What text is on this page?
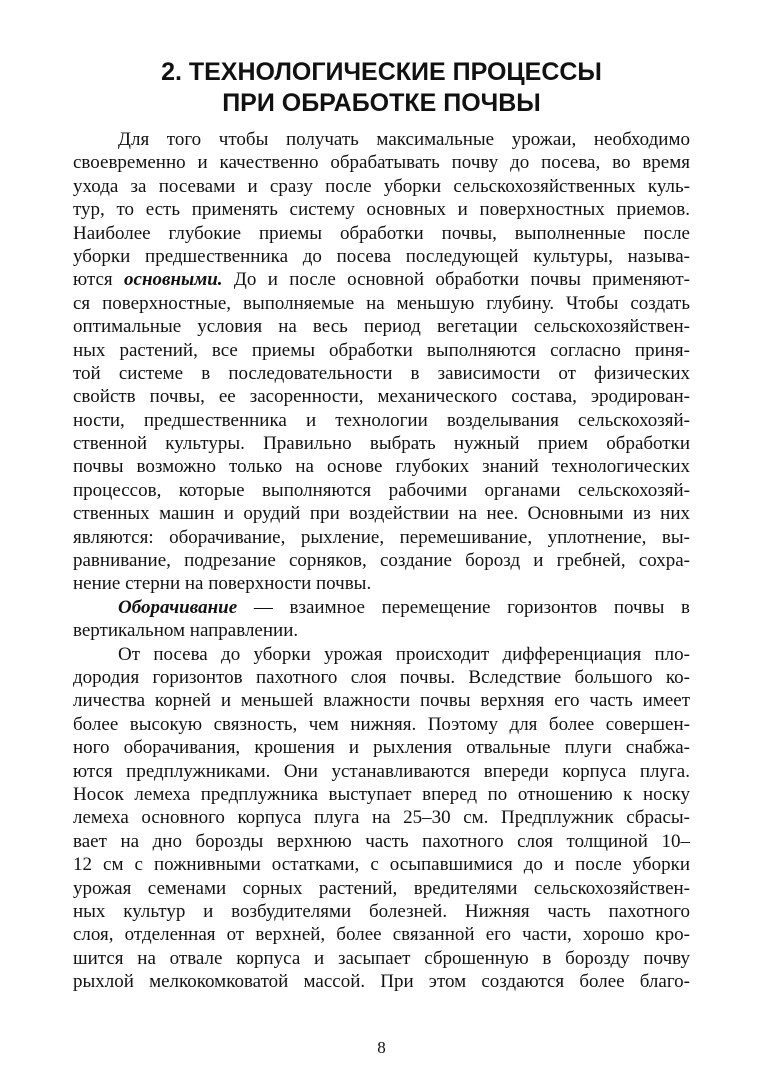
2. ТЕХНОЛОГИЧЕСКИЕ ПРОЦЕССЫ
ПРИ ОБРАБОТКЕ ПОЧВЫ
Для того чтобы получать максимальные урожаи, необходимо
своевременно и качественно обрабатывать почву до посева, во время
ухода за посевами и сразу после уборки сельскохозяйственных куль-
тур, то есть применять систему основных и поверхностных приемов.
Наиболее глубокие приемы обработки почвы, выполненные после
уборки предшественника до посева последующей культуры, называ-
ются основными. До и после основной обработки почвы применяют-
ся поверхностные, выполняемые на меньшую глубину. Чтобы создать
оптимальные условия на весь период вегетации сельскохозяйствен-
ных растений, все приемы обработки выполняются согласно приня-
той системе в последовательности в зависимости от физических
свойств почвы, ее засоренности, механического состава, эродирован-
ности, предшественника и технологии возделывания сельскохозяй-
ственной культуры. Правильно выбрать нужный прием обработки
почвы возможно только на основе глубоких знаний технологических
процессов, которые выполняются рабочими органами сельскохозяй-
ственных машин и орудий при воздействии на нее. Основными из них
являются: оборачивание, рыхление, перемешивание, уплотнение, вы-
равнивание, подрезание сорняков, создание борозд и гребней, сохра-
нение стерни на поверхности почвы.
Оборачивание — взаимное перемещение горизонтов почвы в
вертикальном направлении.
От посева до уборки урожая происходит дифференциация пло-
дородия горизонтов пахотного слоя почвы. Вследствие большого ко-
личества корней и меньшей влажности почвы верхняя его часть имеет
более высокую связность, чем нижняя. Поэтому для более совершен-
ного оборачивания, крошения и рыхления отвальные плуги снабжа-
ются предплужниками. Они устанавливаются впереди корпуса плуга.
Носок лемеха предплужника выступает вперед по отношению к носку
лемеха основного корпуса плуга на 25–30 см. Предплужник сбрасы-
вает на дно борозды верхнюю часть пахотного слоя толщиной 10–
12 см с пожнивными остатками, с осыпавшимися до и после уборки
урожая семенами сорных растений, вредителями сельскохозяйствен-
ных культур и возбудителями болезней. Нижняя часть пахотного
слоя, отделенная от верхней, более связанной его части, хорошо кро-
шится на отвале корпуса и засыпает сброшенную в борозду почву
рыхлой мелкокомковатой массой. При этом создаются более благо-
8
